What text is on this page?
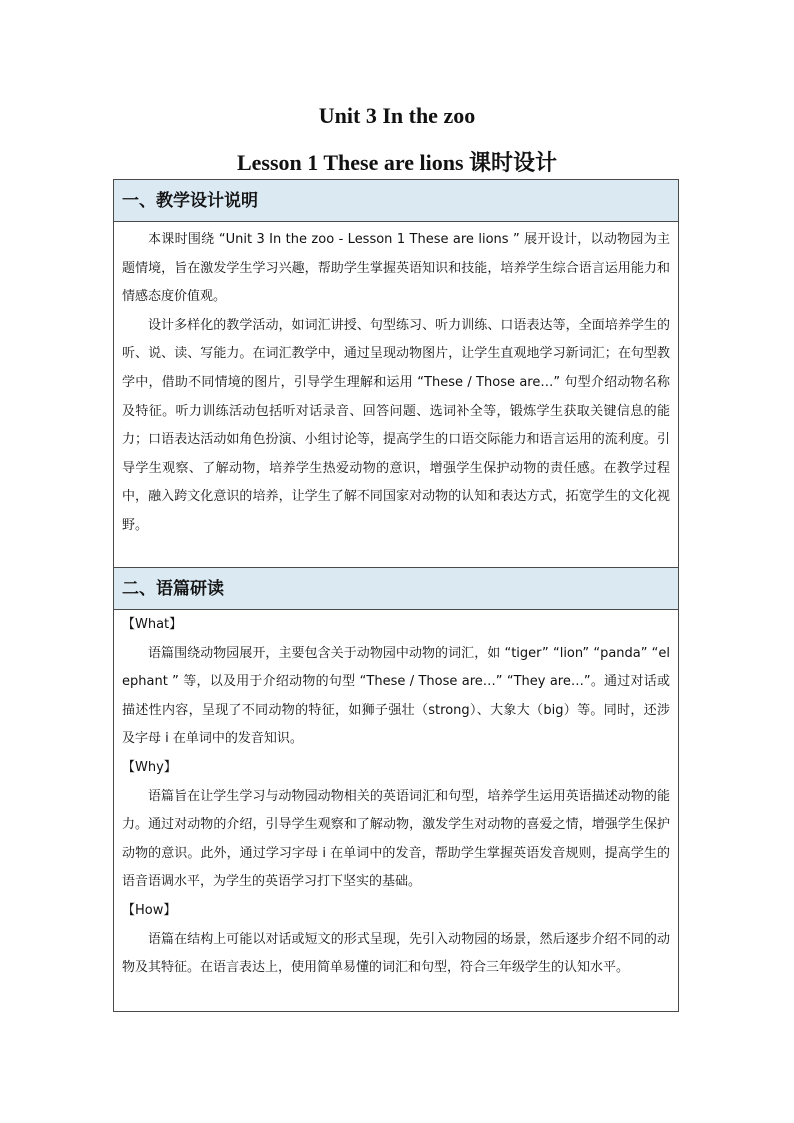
Unit 3 In the zoo
Lesson 1 These are lions 课时设计
一、教学设计说明

本课时围绕 “Unit 3 In the zoo - Lesson 1 These are lions ” 展开设计，以动物园为主题情境，旨在激发学生学习兴趣，帮助学生掌握英语知识和技能，培养学生综合语言运用能力和情感态度价值观。

设计多样化的教学活动，如词汇讲授、句型练习、听力训练、口语表达等，全面培养学生的听、说、读、写能力。在词汇教学中，通过呈现动物图片，让学生直观地学习新词汇；在句型教学中，借助不同情境的图片，引导学生理解和运用 “These / Those are…” 句型介绍动物名称及特征。听力训练活动包括听对话录音、回答问题、选词补全等，锻炼学生获取关键信息的能力；口语表达活动如角色扮演、小组讨论等，提高学生的口语交际能力和语言运用的流利度。引导学生观察、了解动物，培养学生热爱动物的意识，增强学生保护动物的责任感。在教学过程中，融入跨文化意识的培养，让学生了解不同国家对动物的认知和表达方式，拓宽学生的文化视野。

二、语篇研读

【What】

语篇围绕动物园展开，主要包含关于动物园中动物的词汇，如 “tiger” “lion” “panda” “elephant ” 等，以及用于介绍动物的句型 “These / Those are…” “They are…”。通过对话或描述性内容，呈现了不同动物的特征，如狮子强壮（strong）、大象大（big）等。同时，还涉及字母 i 在单词中的发音知识。

【Why】

语篇旨在让学生学习与动物园动物相关的英语词汇和句型，培养学生运用英语描述动物的能力。通过对动物的介绍，引导学生观察和了解动物，激发学生对动物的喜爱之情，增强学生保护动物的意识。此外，通过学习字母 i 在单词中的发音，帮助学生掌握英语发音规则，提高学生的语音语调水平，为学生的英语学习打下坚实的基础。

【How】

语篇在结构上可能以对话或短文的形式呈现，先引入动物园的场景，然后逐步介绍不同的动物及其特征。在语言表达上，使用简单易懂的词汇和句型，符合三年级学生的认知水平。
